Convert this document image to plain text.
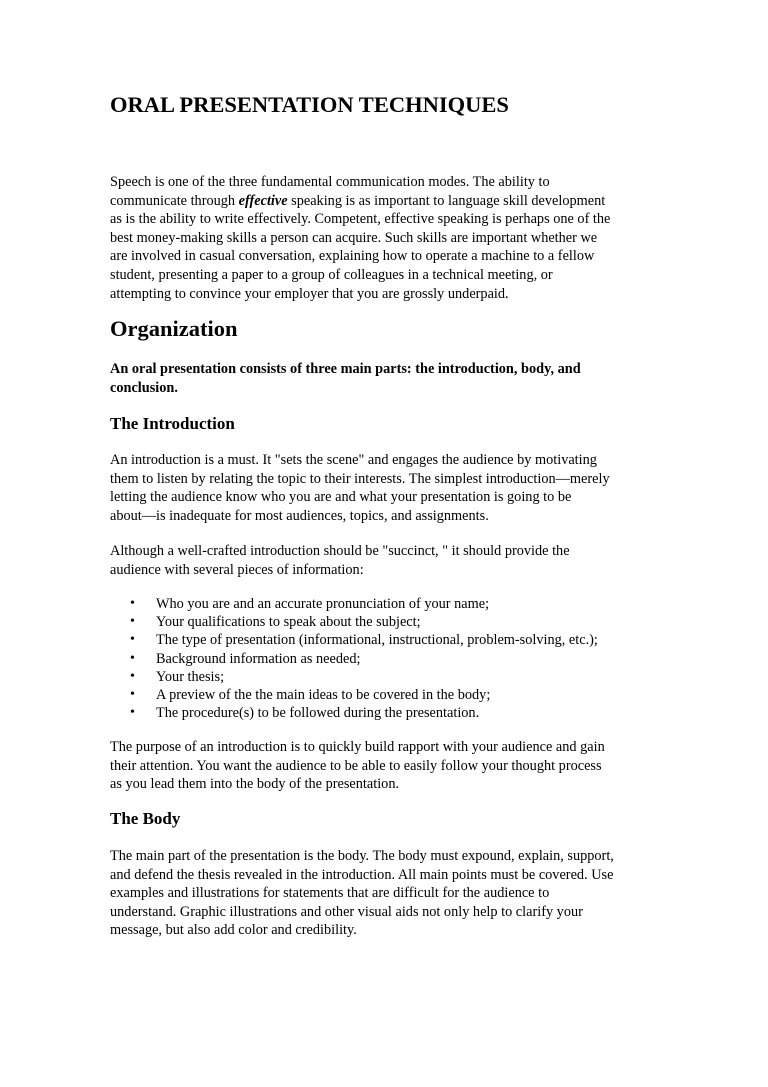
ORAL PRESENTATION TECHNIQUES

Speech is one of the three fundamental communication modes. The ability to
communicate through effective speaking is as important to language skill development
as is the ability to write effectively. Competent, effective speaking is perhaps one of the
best money-making skills a person can acquire. Such skills are important whether we
are involved in casual conversation, explaining how to operate a machine to a fellow
student, presenting a paper to a group of colleagues in a technical meeting, or
attempting to convince your employer that you are grossly underpaid.

Organization

An oral presentation consists of three main parts: the introduction, body, and
conclusion.

The Introduction

An introduction is a must. It "sets the scene" and engages the audience by motivating
them to listen by relating the topic to their interests. The simplest introduction—merely
letting the audience know who you are and what your presentation is going to be
about—is inadequate for most audiences, topics, and assignments.

Although a well-crafted introduction should be "succinct, " it should provide the
audience with several pieces of information:

• Who you are and an accurate pronunciation of your name;
• Your qualifications to speak about the subject;
• The type of presentation (informational, instructional, problem-solving, etc.);
• Background information as needed;
• Your thesis;
• A preview of the the main ideas to be covered in the body;
• The procedure(s) to be followed during the presentation.

The purpose of an introduction is to quickly build rapport with your audience and gain
their attention. You want the audience to be able to easily follow your thought process
as you lead them into the body of the presentation.

The Body

The main part of the presentation is the body. The body must expound, explain, support,
and defend the thesis revealed in the introduction. All main points must be covered. Use
examples and illustrations for statements that are difficult for the audience to
understand. Graphic illustrations and other visual aids not only help to clarify your
message, but also add color and credibility.
